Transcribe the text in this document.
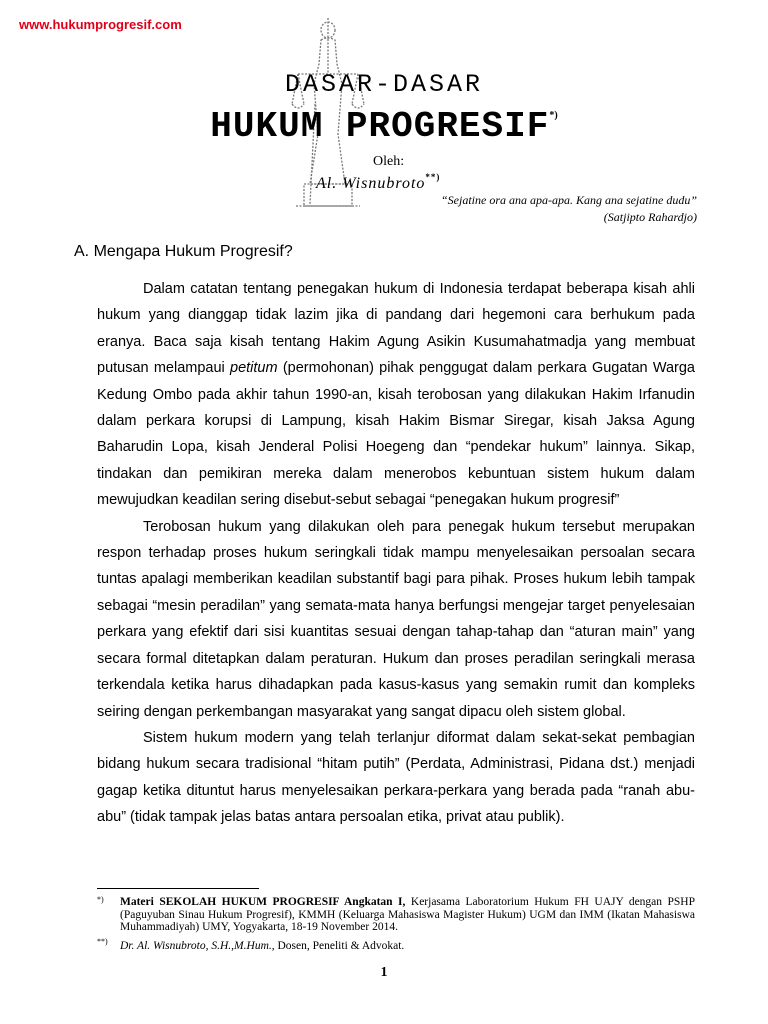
www.hukumprogresif.com
DASAR-DASAR
HUKUM PROGRESIF*)
Oleh:
Al. Wisnubroto**)
“Sejatine ora ana apa-apa. Kang ana sejatine dudu”
(Satjipto Rahardjo)
A. Mengapa Hukum Progresif?

Dalam catatan tentang penegakan hukum di Indonesia terdapat beberapa kisah ahli hukum yang dianggap tidak lazim jika di pandang dari hegemoni cara berhukum pada eranya. Baca saja kisah tentang Hakim Agung Asikin Kusumahatmadja yang membuat putusan melampaui petitum (permohonan) pihak penggugat dalam perkara Gugatan Warga Kedung Ombo pada akhir tahun 1990-an, kisah terobosan yang dilakukan Hakim Irfanudin dalam perkara korupsi di Lampung, kisah Hakim Bismar Siregar, kisah Jaksa Agung Baharudin Lopa, kisah Jenderal Polisi Hoegeng dan “pendekar hukum” lainnya. Sikap, tindakan dan pemikiran mereka dalam menerobos kebuntuan sistem hukum dalam mewujudkan keadilan sering disebut-sebut sebagai “penegakan hukum progresif”

Terobosan hukum yang dilakukan oleh para penegak hukum tersebut merupakan respon terhadap proses hukum seringkali tidak mampu menyelesaikan persoalan secara tuntas apalagi memberikan keadilan substantif bagi para pihak. Proses hukum lebih tampak sebagai “mesin peradilan” yang semata-mata hanya berfungsi mengejar target penyelesaian perkara yang efektif dari sisi kuantitas sesuai dengan tahap-tahap dan “aturan main” yang secara formal ditetapkan dalam peraturan. Hukum dan proses peradilan seringkali merasa terkendala ketika harus dihadapkan pada kasus-kasus yang semakin rumit dan kompleks seiring dengan perkembangan masyarakat yang sangat dipacu oleh sistem global.

Sistem hukum modern yang telah terlanjur diformat dalam sekat-sekat pembagian bidang hukum secara tradisional “hitam putih” (Perdata, Administrasi, Pidana dst.) menjadi gagap ketika dituntut harus menyelesaikan perkara-perkara yang berada pada “ranah abu-abu” (tidak tampak jelas batas antara persoalan etika, privat atau publik).

*) Materi SEKOLAH HUKUM PROGRESIF Angkatan I, Kerjasama Laboratorium Hukum FH UAJY dengan PSHP (Paguyuban Sinau Hukum Progresif), KMMH (Keluarga Mahasiswa Magister Hukum) UGM dan IMM (Ikatan Mahasiswa Muhammadiyah) UMY, Yogyakarta, 18-19 November 2014.
**) Dr. Al. Wisnubroto, S.H.,M.Hum., Dosen, Peneliti & Advokat.
1
